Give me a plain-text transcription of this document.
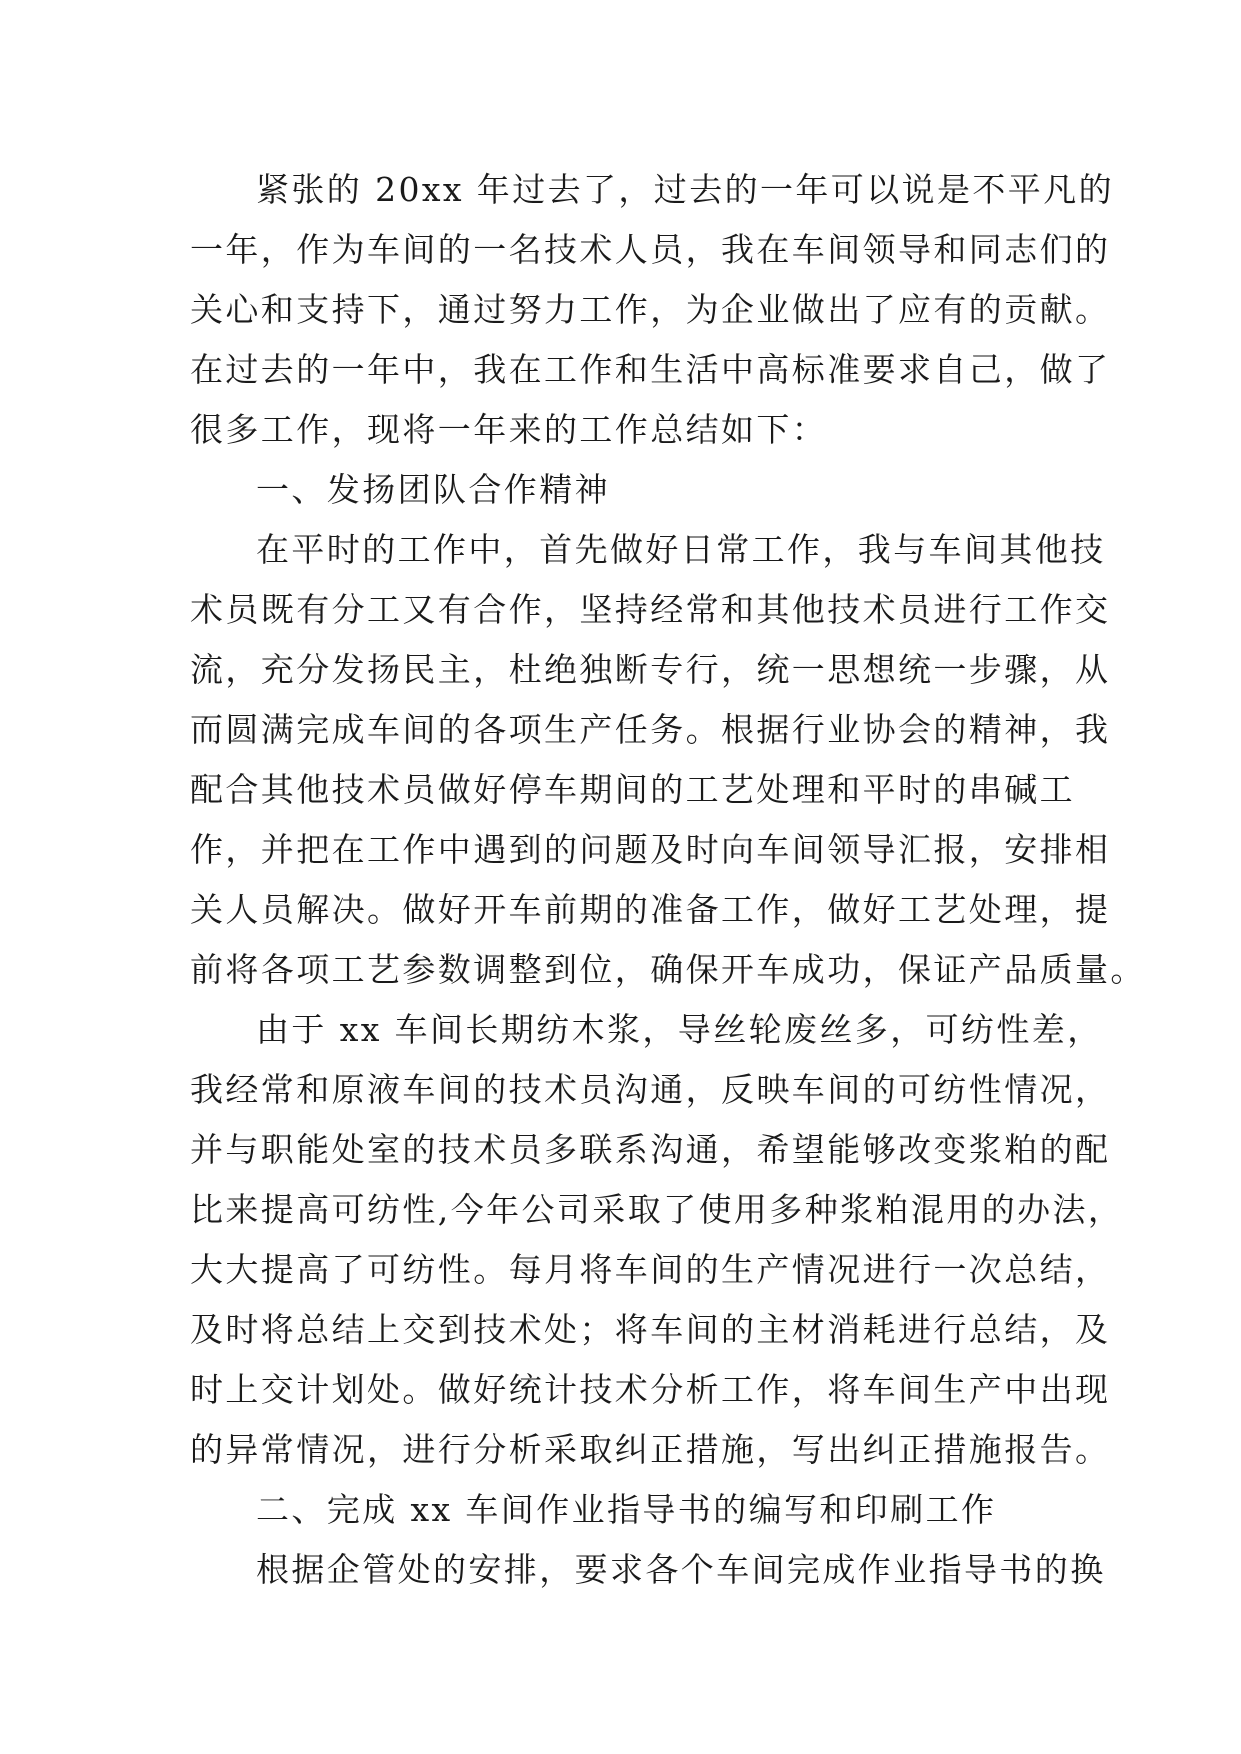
紧张的 20xx 年过去了，过去的一年可以说是不平凡的
一年，作为车间的一名技术人员，我在车间领导和同志们的
关心和支持下，通过努力工作，为企业做出了应有的贡献。
在过去的一年中，我在工作和生活中高标准要求自己，做了
很多工作，现将一年来的工作总结如下：
一、发扬团队合作精神
在平时的工作中，首先做好日常工作，我与车间其他技
术员既有分工又有合作，坚持经常和其他技术员进行工作交
流，充分发扬民主，杜绝独断专行，统一思想统一步骤，从
而圆满完成车间的各项生产任务。根据行业协会的精神，我
配合其他技术员做好停车期间的工艺处理和平时的串碱工
作，并把在工作中遇到的问题及时向车间领导汇报，安排相
关人员解决。做好开车前期的准备工作，做好工艺处理，提
前将各项工艺参数调整到位，确保开车成功，保证产品质量。
由于 xx 车间长期纺木浆，导丝轮废丝多，可纺性差，
我经常和原液车间的技术员沟通，反映车间的可纺性情况，
并与职能处室的技术员多联系沟通，希望能够改变浆粕的配
比来提高可纺性,今年公司采取了使用多种浆粕混用的办法，
大大提高了可纺性。每月将车间的生产情况进行一次总结，
及时将总结上交到技术处；将车间的主材消耗进行总结，及
时上交计划处。做好统计技术分析工作，将车间生产中出现
的异常情况，进行分析采取纠正措施，写出纠正措施报告。
二、完成 xx 车间作业指导书的编写和印刷工作
根据企管处的安排，要求各个车间完成作业指导书的换
